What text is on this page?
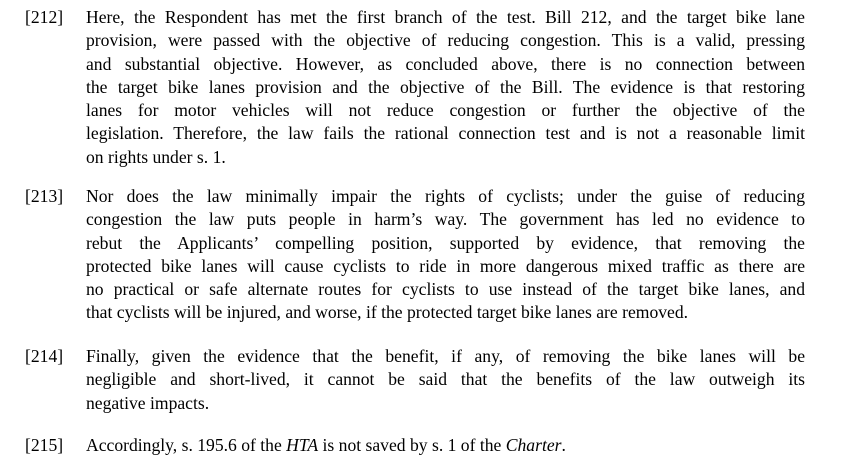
[212] Here, the Respondent has met the first branch of the test. Bill 212, and the target bike lane
provision, were passed with the objective of reducing congestion. This is a valid, pressing
and substantial objective. However, as concluded above, there is no connection between
the target bike lanes provision and the objective of the Bill. The evidence is that restoring
lanes for motor vehicles will not reduce congestion or further the objective of the
legislation. Therefore, the law fails the rational connection test and is not a reasonable limit
on rights under s. 1.
[213] Nor does the law minimally impair the rights of cyclists; under the guise of reducing
congestion the law puts people in harm’s way. The government has led no evidence to
rebut the Applicants’ compelling position, supported by evidence, that removing the
protected bike lanes will cause cyclists to ride in more dangerous mixed traffic as there are
no practical or safe alternate routes for cyclists to use instead of the target bike lanes, and
that cyclists will be injured, and worse, if the protected target bike lanes are removed.
[214] Finally, given the evidence that the benefit, if any, of removing the bike lanes will be
negligible and short-lived, it cannot be said that the benefits of the law outweigh its
negative impacts.
[215] Accordingly, s. 195.6 of the HTA is not saved by s. 1 of the Charter.
